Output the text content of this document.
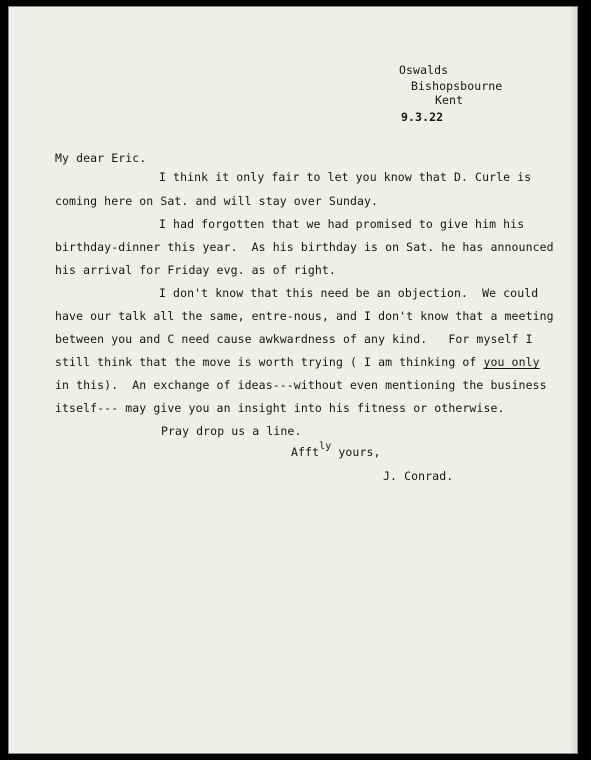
Oswalds
Bishopsbourne
Kent
9.3.22
My dear Eric.
I think it only fair to let you know that D. Curle is
coming here on Sat. and will stay over Sunday.
I had forgotten that we had promised to give him his
birthday-dinner this year.  As his birthday is on Sat. he has announced
his arrival for Friday evg. as of right.
I don't know that this need be an objection.  We could
have our talk all the same, entre-nous, and I don't know that a meeting
between you and C need cause awkwardness of any kind.   For myself I
still think that the move is worth trying ( I am thinking of you only
in this).  An exchange of ideas---without even mentioning the business
itself--- may give you an insight into his fitness or otherwise.
Pray drop us a line.
Afftly yours,
J. Conrad.
